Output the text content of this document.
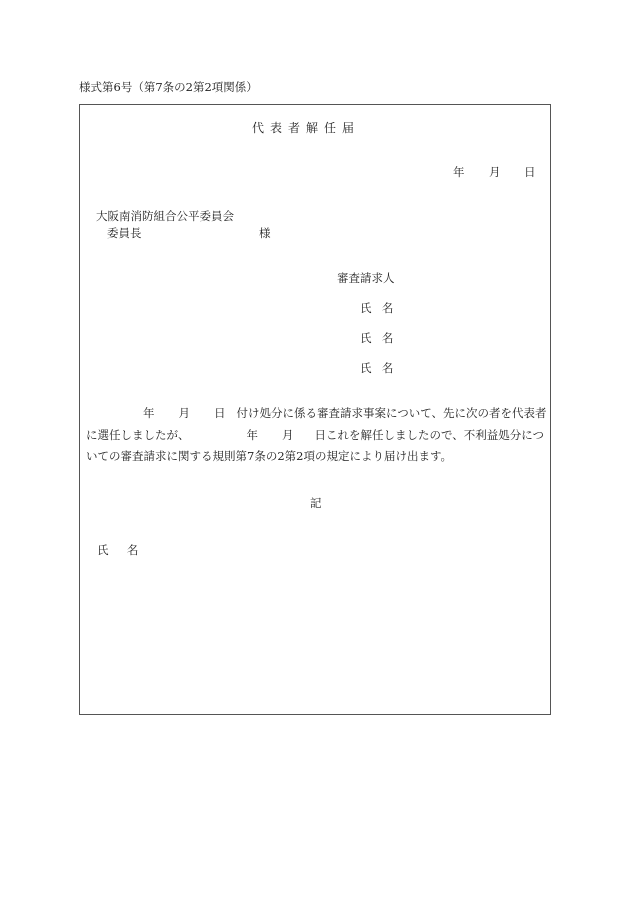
様式第6号（第7条の2第2項関係）
代表者解任届
年 月 日
大阪南消防組合公平委員会
委員長	様
審査請求人
氏名
氏名
氏名
年 月 日 付け処分に係る審査請求事案について、先に次の者を代表者
に選任しましたが、	年 月 日これを解任しましたので、不利益処分につ
いての審査請求に関する規則第7条の2第2項の規定により届け出ます。
記
氏名
